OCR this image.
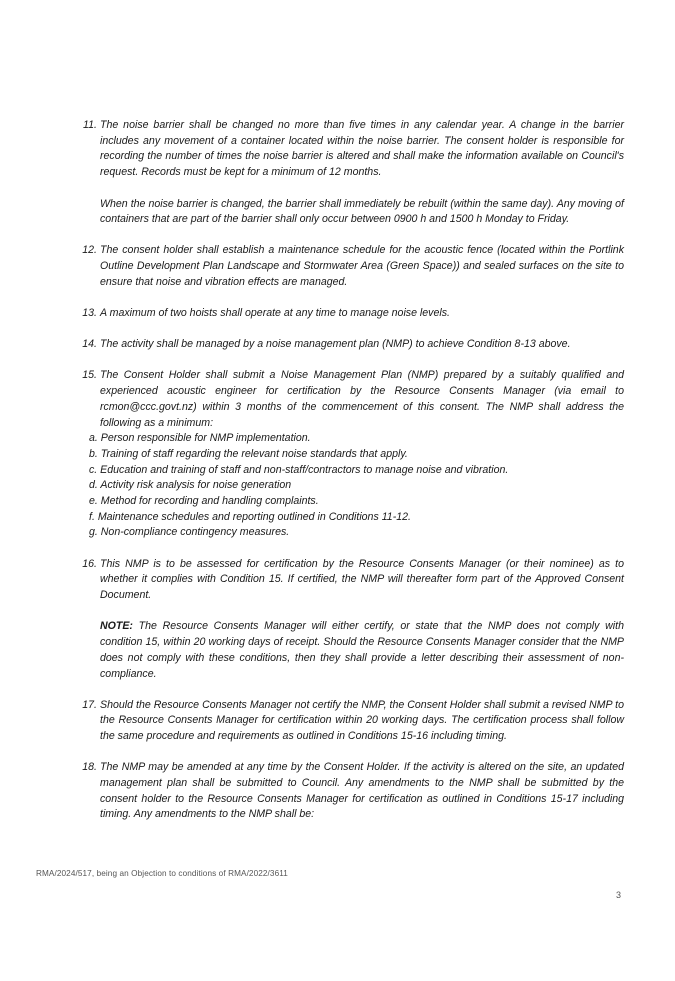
11. The noise barrier shall be changed no more than five times in any calendar year. A change in the barrier includes any movement of a container located within the noise barrier. The consent holder is responsible for recording the number of times the noise barrier is altered and shall make the information available on Council's request. Records must be kept for a minimum of 12 months.

When the noise barrier is changed, the barrier shall immediately be rebuilt (within the same day). Any moving of containers that are part of the barrier shall only occur between 0900 h and 1500 h Monday to Friday.

12. The consent holder shall establish a maintenance schedule for the acoustic fence (located within the Portlink Outline Development Plan Landscape and Stormwater Area (Green Space)) and sealed surfaces on the site to ensure that noise and vibration effects are managed.

13. A maximum of two hoists shall operate at any time to manage noise levels.

14. The activity shall be managed by a noise management plan (NMP) to achieve Condition 8-13 above.

15. The Consent Holder shall submit a Noise Management Plan (NMP) prepared by a suitably qualified and experienced acoustic engineer for certification by the Resource Consents Manager (via email to rcmon@ccc.govt.nz) within 3 months of the commencement of this consent. The NMP shall address the following as a minimum:

a. Person responsible for NMP implementation.
b. Training of staff regarding the relevant noise standards that apply.
c. Education and training of staff and non-staff/contractors to manage noise and vibration.
d. Activity risk analysis for noise generation
e. Method for recording and handling complaints.
f. Maintenance schedules and reporting outlined in Conditions 11-12.
g. Non-compliance contingency measures.
16. This NMP is to be assessed for certification by the Resource Consents Manager (or their nominee) as to whether it complies with Condition 15. If certified, the NMP will thereafter form part of the Approved Consent Document.

NOTE: The Resource Consents Manager will either certify, or state that the NMP does not comply with condition 15, within 20 working days of receipt. Should the Resource Consents Manager consider that the NMP does not comply with these conditions, then they shall provide a letter describing their assessment of non-compliance.

17. Should the Resource Consents Manager not certify the NMP, the Consent Holder shall submit a revised NMP to the Resource Consents Manager for certification within 20 working days. The certification process shall follow the same procedure and requirements as outlined in Conditions 15-16 including timing.

18. The NMP may be amended at any time by the Consent Holder. If the activity is altered on the site, an updated management plan shall be submitted to Council. Any amendments to the NMP shall be submitted by the consent holder to the Resource Consents Manager for certification as outlined in Conditions 15-17 including timing. Any amendments to the NMP shall be:

RMA/2024/517, being an Objection to conditions of RMA/2022/3611
3
